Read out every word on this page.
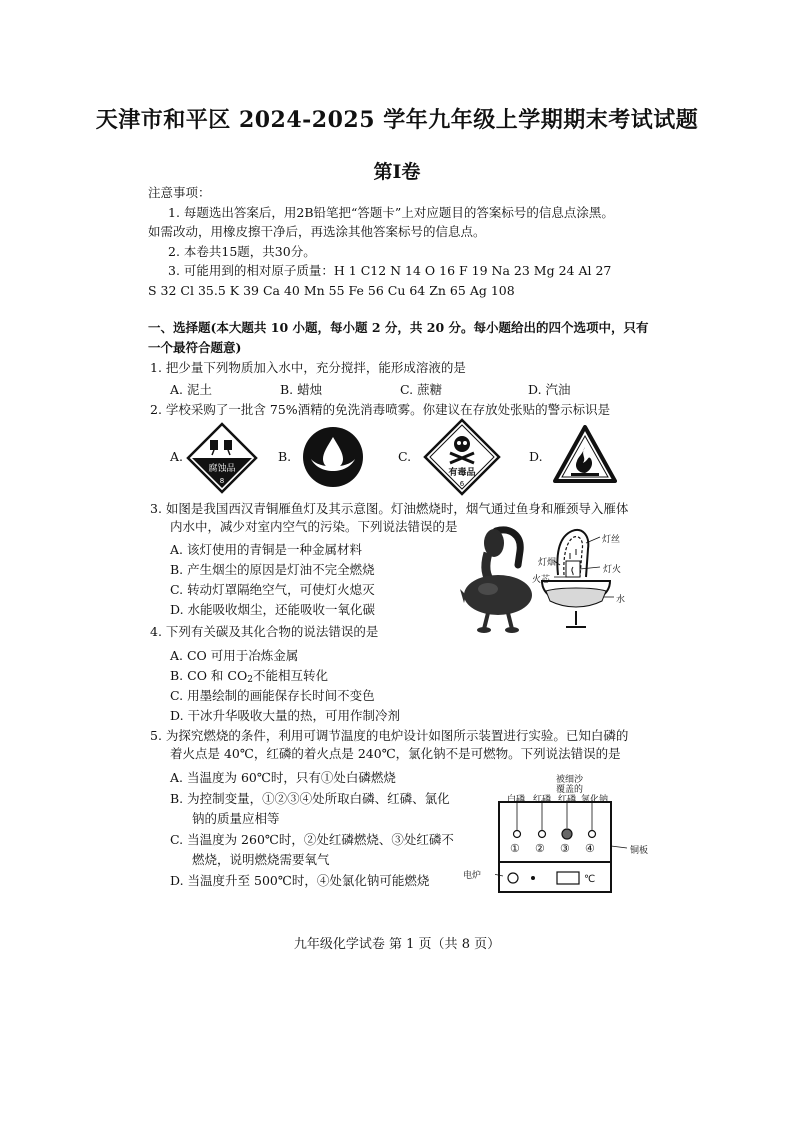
天津市和平区 2024-2025 学年九年级上学期期末考试试题
第Ⅰ卷
注意事项：
1. 每题选出答案后，用2B铅笔把“答题卡”上对应题目的答案标号的信息点涂黑。
如需改动，用橡皮擦干净后，再选涂其他答案标号的信息点。
2. 本卷共15题，共30分。
3. 可能用到的相对原子质量：H 1 C12 N 14 O 16 F 19 Na 23 Mg 24 Al 27
S 32 Cl 35.5 K 39 Ca 40 Mn 55 Fe 56 Cu 64 Zn 65 Ag 108
一、选择题(本大题共 10 小题，每小题 2 分，共 20 分。每小题给出的四个选项中，只有
一个最符合题意)
1. 把少量下列物质加入水中，充分搅拌，能形成溶液的是
A. 泥土	B. 蜡烛	C. 蔗糖	D. 汽油
2. 学校采购了一批含 75%酒精的免洗消毒喷雾。你建议在存放处张贴的警示标识是
A.	B.	C.	D.
腐蚀品
8
有毒品
6
3. 如图是我国西汉青铜雁鱼灯及其示意图。灯油燃烧时，烟气通过鱼身和雁颈导入雁体
内水中，减少对室内空气的污染。下列说法错误的是
A. 该灯使用的青铜是一种金属材料
B. 产生烟尘的原因是灯油不完全燃烧
C. 转动灯罩隔绝空气，可使灯火熄灭
D. 水能吸收烟尘，还能吸收一氧化碳
灯丝
灯烟
灯火
火芯
水
4. 下列有关碳及其化合物的说法错误的是
A. CO 可用于冶炼金属
B. CO 和 $CO_2$不能相互转化
C. 用墨绘制的画能保存长时间不变色
D. 干冰升华吸收大量的热，可用作制冷剂
5. 为探究燃烧的条件，利用可调节温度的电炉设计如图所示装置进行实验。已知白磷的
着火点是 40℃，红磷的着火点是 240℃，氯化钠不是可燃物。下列说法错误的是
A. 当温度为 60℃时，只有①处白磷燃烧
B. 为控制变量，①②③④处所取白磷、红磷、氯化
钠的质量应相等
C. 当温度为 260℃时，②处红磷燃烧、③处红磷不
燃烧，说明燃烧需要氧气
D. 当温度升至 500℃时，④处氯化钠可能燃烧
被细沙
覆盖的
白磷 红磷 红磷 氯化钠
① ② ③ ④	铜板
电炉	℃
九年级化学试卷 第 1 页（共 8 页）
